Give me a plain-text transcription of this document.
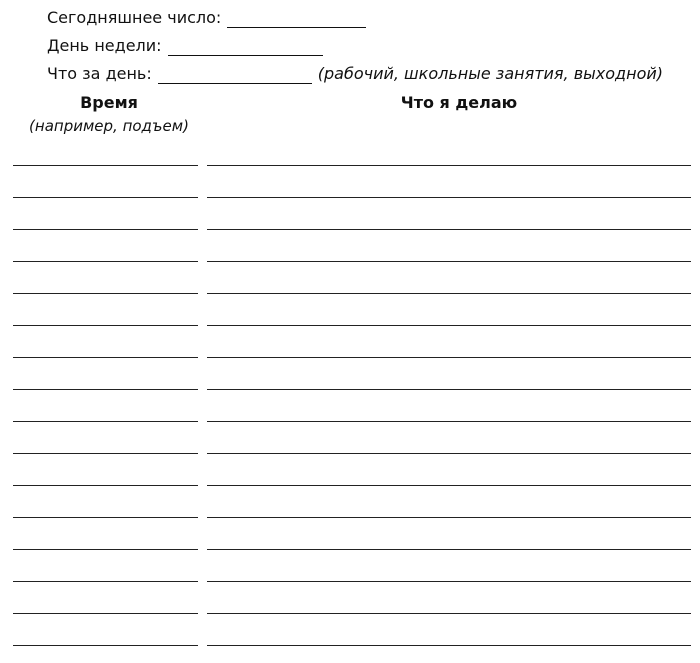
Сегодняшнее число:
День недели:
Что за день:	(рабочий, школьные занятия, выходной)
Время
(например, подъем)
Что я делаю
